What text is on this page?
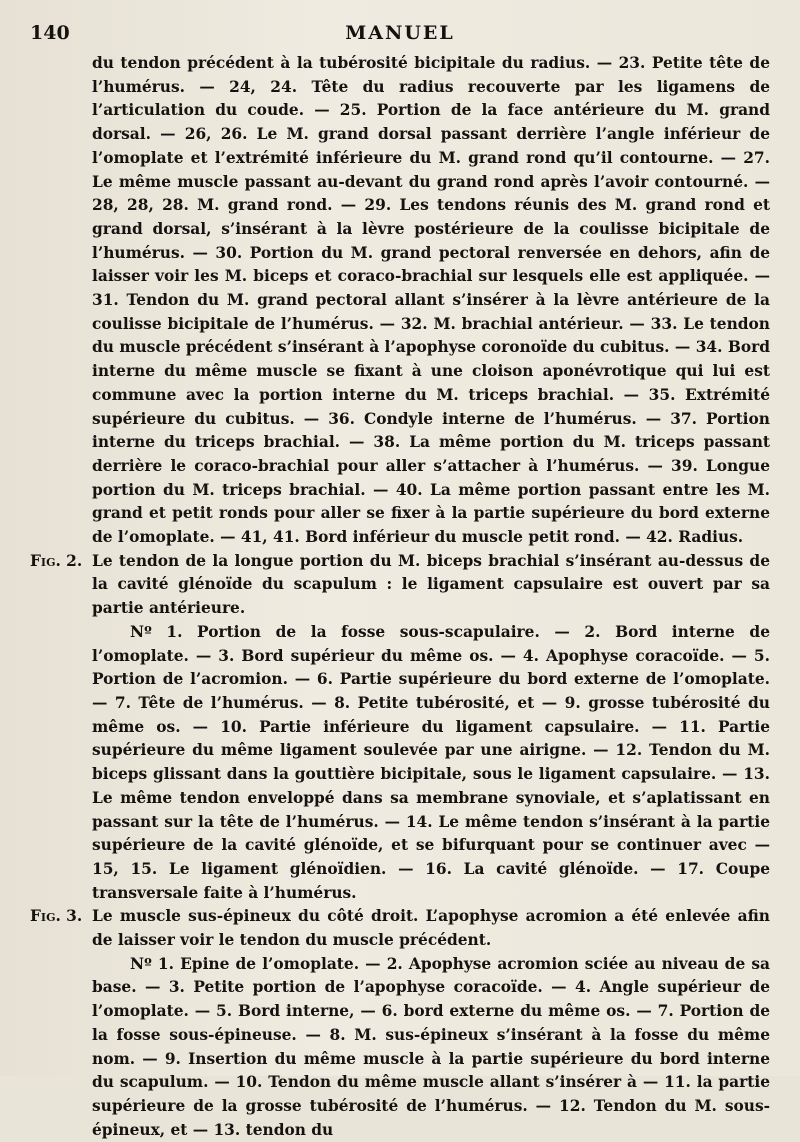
140	MANUEL
du tendon précédent à la tubérosité bicipitale du radius. — 23. Petite tête de l’humérus. — 24, 24. Tête du radius recouverte par les ligamens de l’articulation du coude. — 25. Portion de la face antérieure du M. grand dorsal. — 26, 26. Le M. grand dorsal passant derrière l’angle inférieur de l’omoplate et l’extrémité inférieure du M. grand rond qu’il contourne. — 27. Le même muscle passant au-devant du grand rond après l’avoir contourné. — 28, 28, 28. M. grand rond. — 29. Les tendons réunis des M. grand rond et grand dorsal, s’insérant à la lèvre postérieure de la coulisse bicipitale de l’humérus. — 30. Portion du M. grand pectoral renversée en dehors, afin de laisser voir les M. biceps et coraco-brachial sur lesquels elle est appliquée. — 31. Tendon du M. grand pectoral allant s’insérer à la lèvre antérieure de la coulisse bicipitale de l’humérus. — 32. M. brachial antérieur. — 33. Le tendon du muscle précédent s’insérant à l’apophyse coronoïde du cubitus. — 34. Bord interne du même muscle se fixant à une cloison aponévrotique qui lui est commune avec la portion interne du M. triceps brachial. — 35. Extrémité supérieure du cubitus. — 36. Condyle interne de l’humérus. — 37. Portion interne du triceps brachial. — 38. La même portion du M. triceps passant derrière le coraco-brachial pour aller s’attacher à l’humérus. — 39. Longue portion du M. triceps brachial. — 40. La même portion passant entre les M. grand et petit ronds pour aller se fixer à la partie supérieure du bord externe de l’omoplate. — 41, 41. Bord inférieur du muscle petit rond. — 42. Radius.
Fig. 2. Le tendon de la longue portion du M. biceps brachial s’insérant au-dessus de la cavité glénoïde du scapulum : le ligament capsulaire est ouvert par sa partie antérieure.
Nº 1. Portion de la fosse sous-scapulaire. — 2. Bord interne de l’omoplate. — 3. Bord supérieur du même os. — 4. Apophyse coracoïde. — 5. Portion de l’acromion. — 6. Partie supérieure du bord externe de l’omoplate. — 7. Tête de l’humérus. — 8. Petite tubérosité, et — 9. grosse tubérosité du même os. — 10. Partie inférieure du ligament capsulaire. — 11. Partie supérieure du même ligament soulevée par une airigne. — 12. Tendon du M. biceps glissant dans la gouttière bicipitale, sous le ligament capsulaire. — 13. Le même tendon enveloppé dans sa membrane synoviale, et s’aplatissant en passant sur la tête de l’humérus. — 14. Le même tendon s’insérant à la partie supérieure de la cavité glénoïde, et se bifurquant pour se continuer avec — 15, 15. Le ligament glénoïdien. — 16. La cavité glénoïde. — 17. Coupe transversale faite à l’humérus.
Fig. 3. Le muscle sus-épineux du côté droit. L’apophyse acromion a été enlevée afin de laisser voir le tendon du muscle précédent.
Nº 1. Epine de l’omoplate. — 2. Apophyse acromion sciée au niveau de sa base. — 3. Petite portion de l’apophyse coracoïde. — 4. Angle supérieur de l’omoplate. — 5. Bord interne, — 6. bord externe du même os. — 7. Portion de la fosse sous-épineuse. — 8. M. sus-épineux s’insérant à la fosse du même nom. — 9. Insertion du même muscle à la partie supérieure du bord interne du scapulum. — 10. Tendon du même muscle allant s’insérer à — 11. la partie supérieure de la grosse tubérosité de l’humérus. — 12. Tendon du M. sous-épineux, et — 13. tendon du
